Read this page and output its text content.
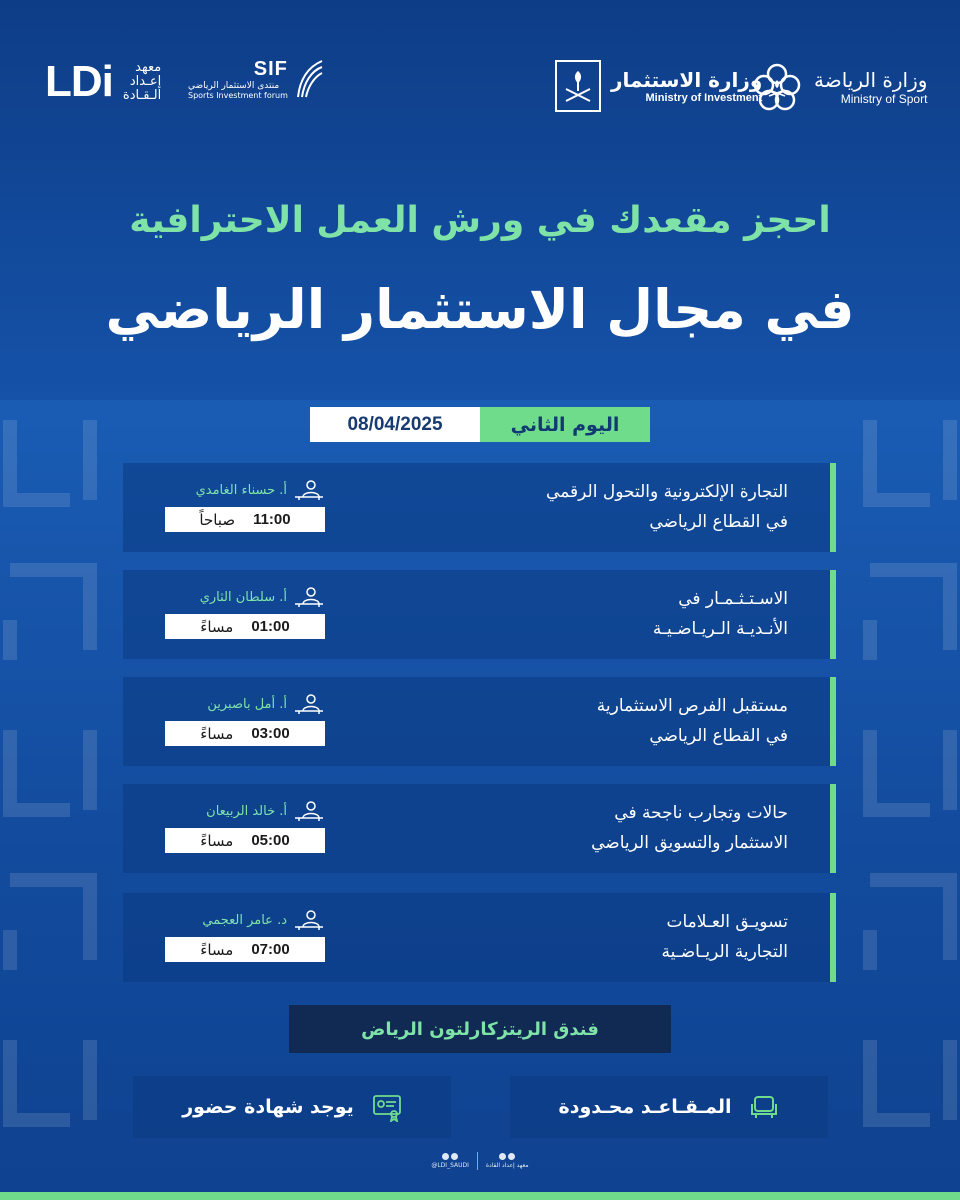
LDi	معهد
إعـداد
الـقـادة
SIF
منتدى الاستثمار الرياضي
Sports Investment forum
وزارة الاستثمار
Ministry of Investment
وزارة الرياضة
Ministry of Sport
احجز مقعدك في ورش العمل الاحترافية
في مجال الاستثمار الرياضي
08/04/2025	اليوم الثاني
التجارة الإلكترونية والتحول الرقمي
في القطاع الرياضي
أ. حسناء الغامدي
صباحاً 11:00
الاسـتـثـمـار في
الأنـديـة الـريـاضـيـة
أ. سلطان الثاري
مساءً 01:00
مستقبل الفرص الاستثمارية
في القطاع الرياضي
أ. أمل باصبرين
مساءً 03:00
حالات وتجارب ناجحة في
الاستثمار والتسويق الرياضي
أ. خالد الربيعان
مساءً 05:00
تسويـق العـلامات
التجارية الريـاضـية
د. عامر العجمي
مساءً 07:00
فندق الريتزكارلتون الرياض
يوجد شهادة حضور	المـقـاعـد محـدودة
@LDI_SAUDI	معهد إعداد القادة
